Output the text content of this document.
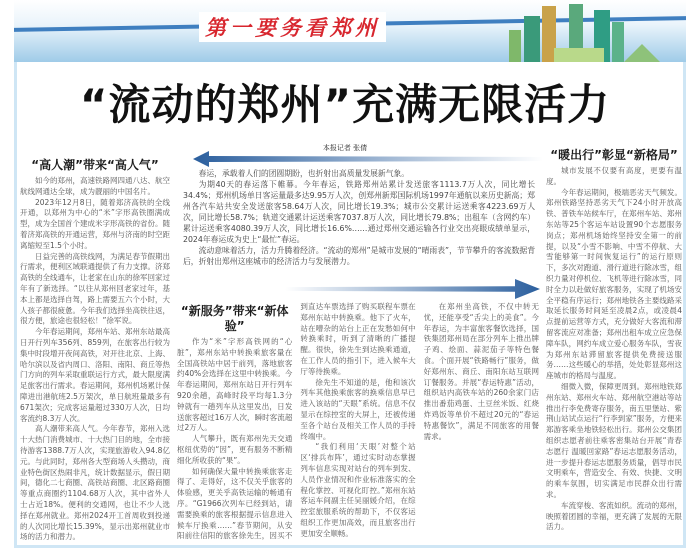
第一要务看郑州
“流动的郑州”充满无限活力
本报记者 张倩
“高人潮”带来“高人气”

如今的郑州，高速铁路网四通八达、航空航线网通达全球，成为靓丽的中国名片。

2023年12月8日，随着郑济高铁的全线开通，以郑州为中心的“米”字形高铁圈满成型，成为全国首个建成米字形高铁的省份。随着济郑高铁的开通运营，郑州与济南的时空距离缩短至1.5个小时。

日益完善的高铁线网，为满足春节假期出行需求，便利区域联通提供了有力支撑。济郑高铁的全线通车，让老家在山东的徐军回家过年有了新选择。“以往从郑州回老家过年，基本上都是选择自驾，路上需要五六个小时，大人孩子都很疲惫。今年我们选择坐高铁往返，很方便，旅途也很轻松！”徐军说。

今年春运期间，郑州车站、郑州东站最高日开行列车356列、859列，在旅客出行较为集中时段增开夜间高铁，对开往北京、上海、哈尔滨以及省内周口、洛阳、南阳、商丘等热门方向的列车采取重联运行方式，最大限度满足旅客出行需求。春运期间，郑州机场累计保障进出港航班2.5万架次，单日航班量最多有671架次；完成客运量超过330万人次，日均客流约8.3万人次。

高人潮带来高人气。今年春节，郑州入选十大热门消费城市、十大热门目的地，全市接待游客1388.7万人次，实现旅游收入94.8亿元。与此同时，郑州各大型商场人头攒动，商业特色街区热闹非凡，统计数据显示，假日期间，德化二七商圈、高铁站商圈、北区路商圈等重点商圈约1104.68万人次，其中省外人士占近18%。便利的交通网，也让不少人选择在郑州就业。郑州2024开工首周收到投递的人次同比增长15.39%，显示出郑州就业市场的活力和潜力。

春运，承载着人们的团圆期盼，也折射出高质量发展新气象。

为期40天的春运落下帷幕。今年春运，铁路郑州站累计发送旅客1113.7万人次，同比增长34.4%；郑州机场单日客运量最多达9.95万人次，创郑州新郑国际机场1997年通航以来历史新高；郑州各汽车站共安全发送旅客58.64万人次，同比增长19.3%；城市公交累计运送乘客4223.69万人次，同比增长58.7%；轨道交通累计运送乘客7037.8万人次，同比增长79.8%；出租车（含网约车）累计运送乘客4080.39万人次，同比增长16.6%……通过郑州交通运输各行业交出亮眼成绩单显示，2024年春运成为史上“最忙”春运。

流动意味着活力，活力升腾着经济。“流动的郑州”是城市发展的“晴雨表”，节节攀升的客流数据背后，折射出郑州这座城市的经济活力与发展潜力。

“新服务”带来“新体验”

作为“米”字形高铁网的“心脏”，郑州东站中转换乘旅客量在全国高铁站中居于前列，落地旅客约40%会选择在这里中转换乘。今年春运期间，郑州东站日开行列车920余趟，高峰时段平均每1.3分钟就有一趟列车从这里发出，日发送旅客超过16万人次，瞬时客流超过2万人。

人气攀升，既有郑州先天交通枢纽优势的“因”，更有服务不断精细化所收获的“果”。

如何确保大量中转换乘旅客走得了、走得好，这不仅关乎旅客的体验感，更关乎高铁运输的畅通有序。“G1966次列车已经到站，请需要换乘的旅客根据提示信息进入候车厅换乘……”春节期间，从安阳前往信阳的旅客徐先生，因买不到直达车票选择了购买联程车票在郑州东站中转换乘。他下了火车，站在嘈杂的站台上正在发愁如何中转换乘时，听到了清晰的广播提醒。很快，徐先生到达换乘通道，在工作人员的指引下，进入候车大厅等待换乘。

徐先生不知道的是，他和该次列车其他换乘旅客的换乘信息早已进入该站的“天眼”系统。信息不仅显示在综控室的大屏上，还被传递至各个站台及相关工作人员的手持终端中。

“我们利用‘天眼’对整个站区‘排兵布阵’，通过实时动态掌握列车信息实现对站台的列车到发、人员作业情况和作业标准落实的全程化掌控、可视化盯控。”郑州东站客运车间副主任吴丽媛介绍，在综控室旅服系统的帮助下，不仅客运组织工作更加高效，而且旅客出行更加安全顺畅。

在郑州坐高铁，不仅中转无忧，还能享受“舌尖上的美食”。今年春运，为丰富旅客餐饮选择，国铁集团郑州局在部分列车上推出牌子鸡、烩面、蒜泥茄子等特色餐食。个面开展“铁路畅行”服务，做好郑州东、商丘、南阳东站互联网订餐服务。并展“春运特惠”活动，组织站内高铁车站的260余家门店推出番茄鸡蛋、土豆丝米饭、红烧炸鸡饭等单价不超过20元的“春运特惠餐饮”，满足不同旅客的用餐需求。

“暖出行”彰显“新格局”

城市发展不仅要有高度，更要有温度。

今年春运期间，极端恶劣天气频发。郑州铁路坚持恶劣天气下24小时开放高铁、普铁车站候车厅，在郑州车站、郑州东站等25个客运车站设置90个志愿服务岗点；郑州机场始终坚持安全第一的前提，以及“小雪不影响、中雪不停航、大雪能够第一时间恢复运行”的运行原则下，多次对跑道、滑行道进行除冰雪，组织力量对停机位、飞机等进行除冰雪，同时全力以赴做好旅客服务，实现了机场安全平稳有序运行；郑州地铁各主要线路采取延长服务时间延至凌晨2点，或凌晨4点提前运营等方式，充分做好大客流和滞留客流应对准备；郑州出租车成立应急保障车队，网约车成立爱心服务车队，雪夜为郑州东站滞留旅客提供免费接送服务……这些暖心的举措，处处彰显郑州这座城市的格局与温度。

细微入微，保障更周到。郑州地铁郑州东站、郑州火车站、郑州航空港站等站推出行李免费寄存服务，南五里堡站、紫荆山站试点运行“行李到家”服务，方便来郑游客乘坐地铁轻松出行。郑州公交集团组织志愿者前往乘客密集站台开展“青春志愿行 温暖回家路”春运志愿服务活动，进一步提升春运志愿服务质量，倡导市民文明乘车，营造安全、有效、快捷、文明的乘车氛围，切实满足市民群众出行需求。

车流穿梭、客流如织。流动的郑州，映照着团圆的幸福，更充满了发展的无限活力。
